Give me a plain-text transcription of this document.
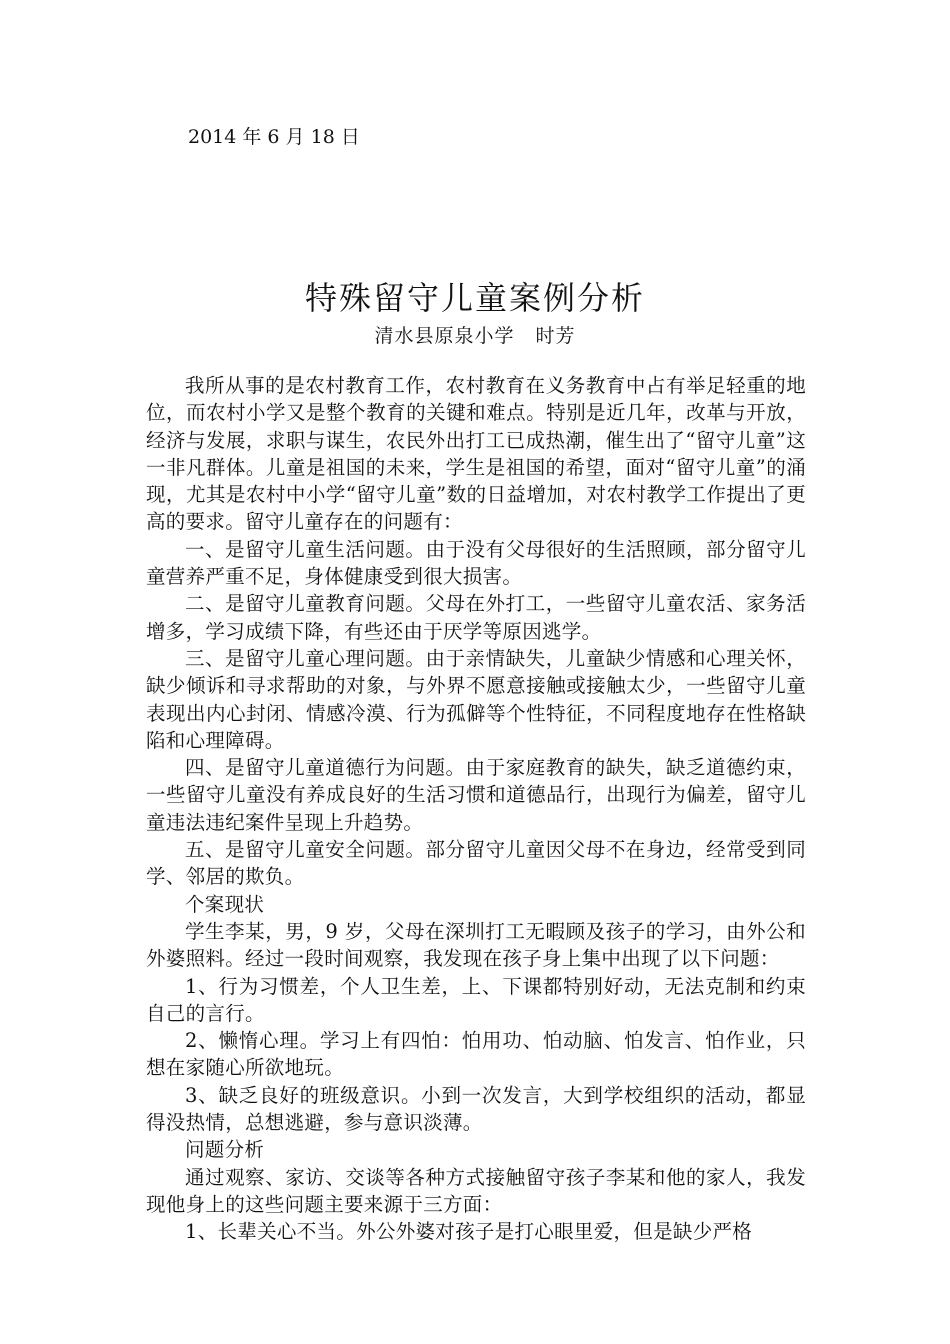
2014 年 6 月 18 日
特殊留守儿童案例分析
清水县原泉小学   时芳

我所从事的是农村教育工作，农村教育在义务教育中占有举足轻重的地位，而农村小学又是整个教育的关键和难点。特别是近几年，改革与开放，经济与发展，求职与谋生，农民外出打工已成热潮，催生出了“留守儿童”这一非凡群体。儿童是祖国的未来，学生是祖国的希望，面对“留守儿童”的涌现，尤其是农村中小学“留守儿童”数的日益增加，对农村教学工作提出了更高的要求。留守儿童存在的问题有：

一、是留守儿童生活问题。由于没有父母很好的生活照顾，部分留守儿童营养严重不足，身体健康受到很大损害。

二、是留守儿童教育问题。父母在外打工，一些留守儿童农活、家务活增多，学习成绩下降，有些还由于厌学等原因逃学。

三、是留守儿童心理问题。由于亲情缺失，儿童缺少情感和心理关怀，缺少倾诉和寻求帮助的对象，与外界不愿意接触或接触太少，一些留守儿童表现出内心封闭、情感冷漠、行为孤僻等个性特征，不同程度地存在性格缺陷和心理障碍。

四、是留守儿童道德行为问题。由于家庭教育的缺失，缺乏道德约束，一些留守儿童没有养成良好的生活习惯和道德品行，出现行为偏差，留守儿童违法违纪案件呈现上升趋势。

五、是留守儿童安全问题。部分留守儿童因父母不在身边，经常受到同学、邻居的欺负。

个案现状

学生李某，男，9 岁，父母在深圳打工无暇顾及孩子的学习，由外公和外婆照料。经过一段时间观察，我发现在孩子身上集中出现了以下问题：

1、行为习惯差，个人卫生差，上、下课都特别好动，无法克制和约束自己的言行。

2、懒惰心理。学习上有四怕：怕用功、怕动脑、怕发言、怕作业，只想在家随心所欲地玩。

3、缺乏良好的班级意识。小到一次发言，大到学校组织的活动，都显得没热情，总想逃避，参与意识淡薄。

问题分析

通过观察、家访、交谈等各种方式接触留守孩子李某和他的家人，我发现他身上的这些问题主要来源于三方面：

1、长辈关心不当。外公外婆对孩子是打心眼里爱，但是缺少严格
